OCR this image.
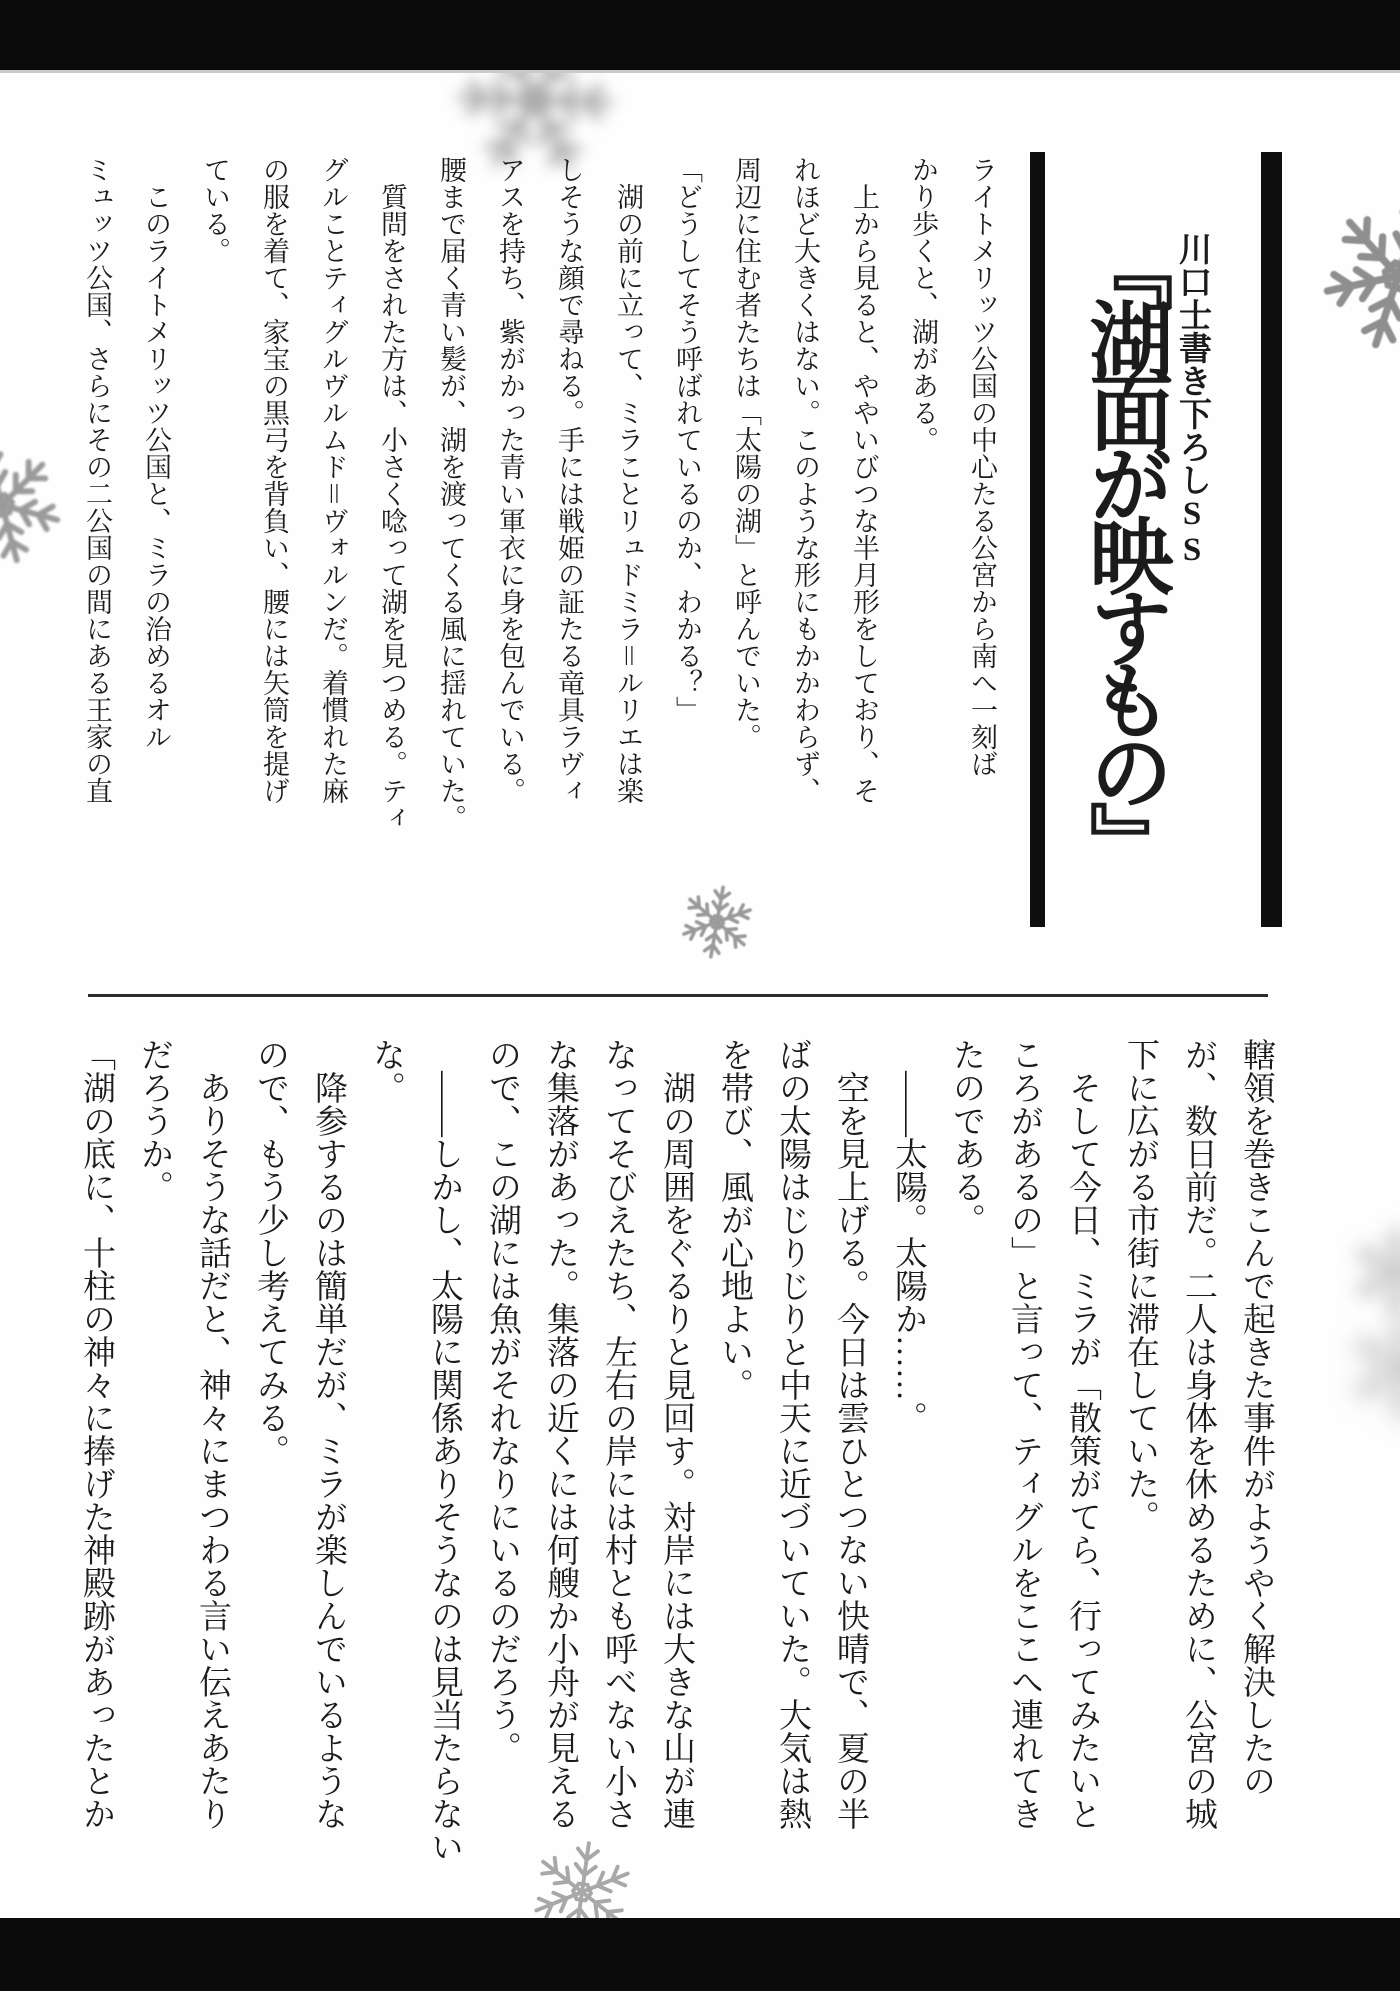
川口士書き下ろしSS
『湖面が映すもの』

ライトメリッツ公国の中心たる公宮から南へ一刻ば

かり歩くと、湖がある。

　上から見ると、ややいびつな半月形をしており、そ

れほど大きくはない。このような形にもかかわらず、

周辺に住む者たちは「太陽の湖」と呼んでいた。

「どうしてそう呼ばれているのか、わかる？」

　湖の前に立って、ミラことリュドミラ＝ルリエは楽

しそうな顔で尋ねる。手には戦姫の証たる竜具ラヴィ

アスを持ち、紫がかった青い軍衣に身を包んでいる。

腰まで届く青い髪が、湖を渡ってくる風に揺れていた。

　質問をされた方は、小さく唸って湖を見つめる。ティ

グルことティグルヴルムド＝ヴォルンだ。着慣れた麻

の服を着て、家宝の黒弓を背負い、腰には矢筒を提げ

ている。

　このライトメリッツ公国と、ミラの治めるオル

ミュッツ公国、さらにその二公国の間にある王家の直

轄領を巻きこんで起きた事件がようやく解決したの

が、数日前だ。二人は身体を休めるために、公宮の城

下に広がる市街に滞在していた。

　そして今日、ミラが「散策がてら、行ってみたいと

ころがあるの」と言って、ティグルをここへ連れてき

たのである。

　――太陽。太陽か……。

　空を見上げる。今日は雲ひとつない快晴で、夏の半

ばの太陽はじりじりと中天に近づいていた。大気は熱

を帯び、風が心地よい。

　湖の周囲をぐるりと見回す。対岸には大きな山が連

なってそびえたち、左右の岸には村とも呼べない小さ

な集落があった。集落の近くには何艘か小舟が見える

ので、この湖には魚がそれなりにいるのだろう。

　――しかし、太陽に関係ありそうなのは見当たらない

な。

　降参するのは簡単だが、ミラが楽しんでいるような

ので、もう少し考えてみる。

　ありそうな話だと、神々にまつわる言い伝えあたり

だろうか。

「湖の底に、十柱の神々に捧げた神殿跡があったとか
